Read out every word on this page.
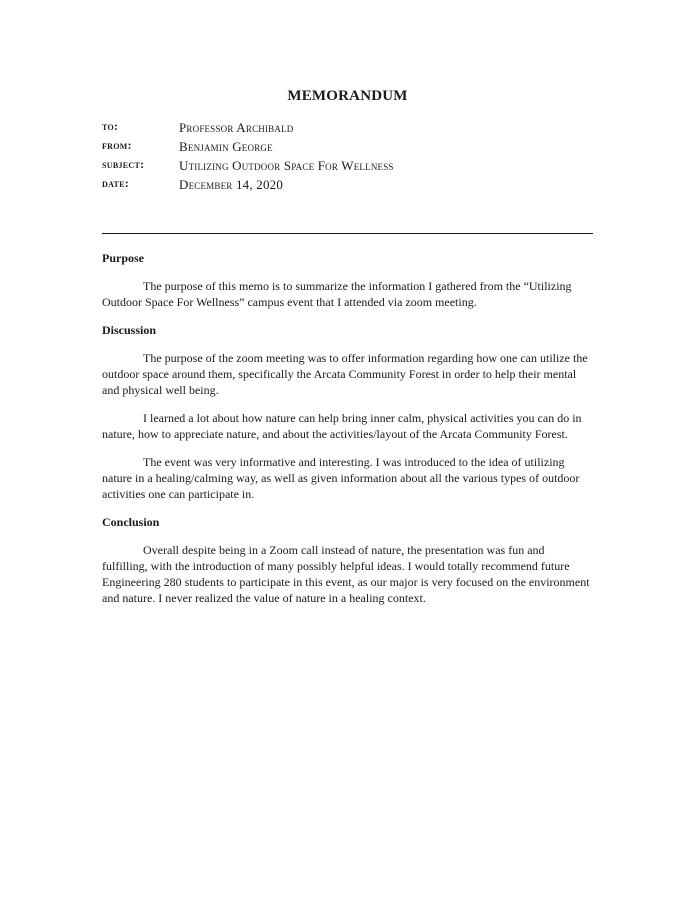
MEMORANDUM
to:	Professor Archibald
from:	Benjamin George
subject:	Utilizing Outdoor Space For Wellness
date:	December 14, 2020
Purpose

The purpose of this memo is to summarize the information I gathered from the “Utilizing Outdoor Space For Wellness” campus event that I attended via zoom meeting.

Discussion

The purpose of the zoom meeting was to offer information regarding how one can utilize the outdoor space around them, specifically the Arcata Community Forest in order to help their mental and physical well being.

I learned a lot about how nature can help bring inner calm, physical activities you can do in nature, how to appreciate nature, and about the activities/layout of the Arcata Community Forest.

The event was very informative and interesting. I was introduced to the idea of utilizing nature in a healing/calming way, as well as given information about all the various types of outdoor activities one can participate in.

Conclusion

Overall despite being in a Zoom call instead of nature, the presentation was fun and fulfilling, with the introduction of many possibly helpful ideas. I would totally recommend future Engineering 280 students to participate in this event, as our major is very focused on the environment and nature. I never realized the value of nature in a healing context.
